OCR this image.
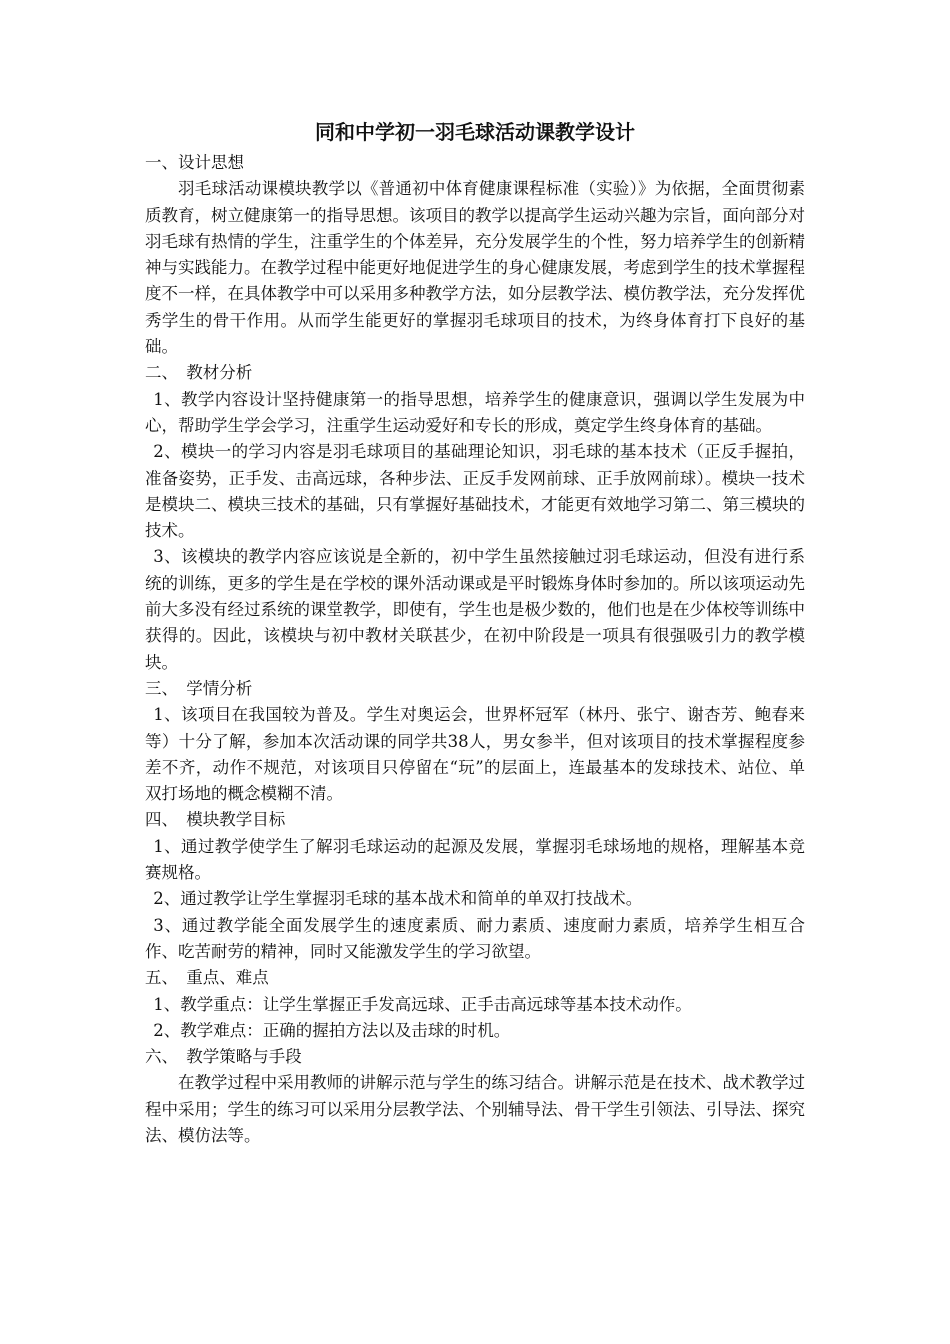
同和中学初一羽毛球活动课教学设计

一、设计思想

羽毛球活动课模块教学以《普通初中体育健康课程标准（实验）》为依据，全面贯彻素质教育，树立健康第一的指导思想。该项目的教学以提高学生运动兴趣为宗旨，面向部分对羽毛球有热情的学生，注重学生的个体差异，充分发展学生的个性，努力培养学生的创新精神与实践能力。在教学过程中能更好地促进学生的身心健康发展，考虑到学生的技术掌握程度不一样，在具体教学中可以采用多种教学方法，如分层教学法、模仿教学法，充分发挥优秀学生的骨干作用。从而学生能更好的掌握羽毛球项目的技术，为终身体育打下良好的基础。

二、　教材分析

1、教学内容设计坚持健康第一的指导思想，培养学生的健康意识，强调以学生发展为中心，帮助学生学会学习，注重学生运动爱好和专长的形成，奠定学生终身体育的基础。

2、模块一的学习内容是羽毛球项目的基础理论知识，羽毛球的基本技术（正反手握拍，准备姿势，正手发、击高远球，各种步法、正反手发网前球、正手放网前球）。模块一技术是模块二、模块三技术的基础，只有掌握好基础技术，才能更有效地学习第二、第三模块的技术。

3、该模块的教学内容应该说是全新的，初中学生虽然接触过羽毛球运动，但没有进行系统的训练，更多的学生是在学校的课外活动课或是平时锻炼身体时参加的。所以该项运动先前大多没有经过系统的课堂教学，即使有，学生也是极少数的，他们也是在少体校等训练中获得的。因此，该模块与初中教材关联甚少，在初中阶段是一项具有很强吸引力的教学模块。

三、　学情分析

1、该项目在我国较为普及。学生对奥运会，世界杯冠军（林丹、张宁、谢杏芳、鲍春来等）十分了解，参加本次活动课的同学共38人，男女参半，但对该项目的技术掌握程度参差不齐，动作不规范，对该项目只停留在“玩”的层面上，连最基本的发球技术、站位、单双打场地的概念模糊不清。

四、　模块教学目标

1、通过教学使学生了解羽毛球运动的起源及发展，掌握羽毛球场地的规格，理解基本竞赛规格。

2、通过教学让学生掌握羽毛球的基本战术和简单的单双打技战术。

3、通过教学能全面发展学生的速度素质、耐力素质、速度耐力素质，培养学生相互合作、吃苦耐劳的精神，同时又能激发学生的学习欲望。

五、　重点、难点

1、教学重点：让学生掌握正手发高远球、正手击高远球等基本技术动作。

2、教学难点：正确的握拍方法以及击球的时机。

六、　教学策略与手段

在教学过程中采用教师的讲解示范与学生的练习结合。讲解示范是在技术、战术教学过程中采用；学生的练习可以采用分层教学法、个别辅导法、骨干学生引领法、引导法、探究法、模仿法等。
